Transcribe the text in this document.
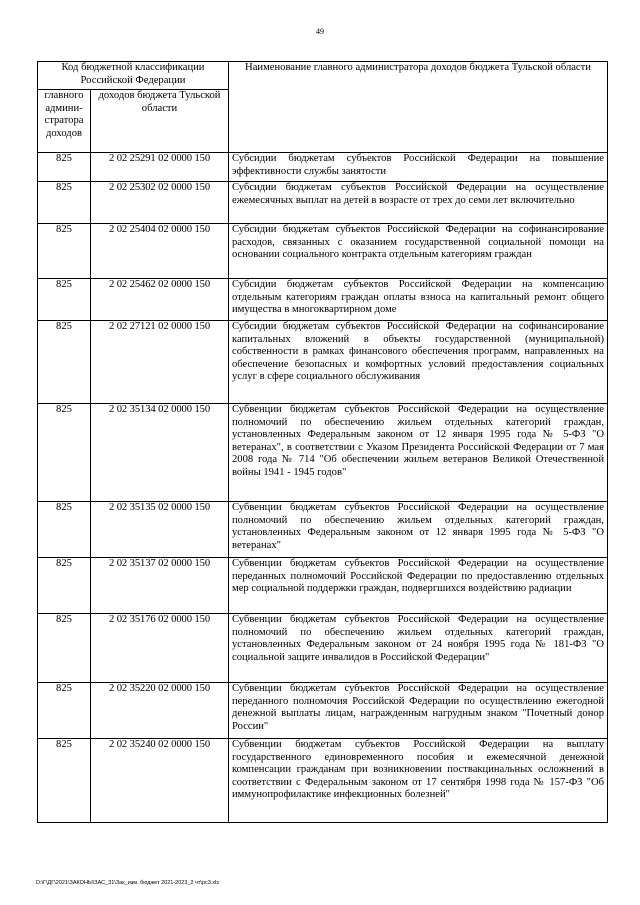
49
Код бюджетной классификации Российской Федерации		Наименование главного администратора доходов бюджета Тульской области
главного админи-стратора доходов	доходов бюджета Тульской области	
825	2 02 25291 02 0000 150	Субсидии бюджетам субъектов Российской Федерации на повышение эффективности службы занятости
825	2 02 25302 02 0000 150	Субсидии бюджетам субъектов Российской Федерации на осуществление ежемесячных выплат на детей в возрасте от трех до семи лет включительно
825	2 02 25404 02 0000 150	Субсидии бюджетам субъектов Российской Федерации на софинансирование расходов, связанных с оказанием государственной социальной помощи на основании социального контракта отдельным категориям граждан
825	2 02 25462 02 0000 150	Субсидии бюджетам субъектов Российской Федерации на компенсацию отдельным категориям граждан оплаты взноса на капитальный ремонт общего имущества в многоквартирном доме
825	2 02 27121 02 0000 150	Субсидии бюджетам субъектов Российской Федерации на софинансирование капитальных вложений в объекты государственной (муниципальной) собственности в рамках финансового обеспечения программ, направленных на обеспечение безопасных и комфортных условий предоставления социальных услуг в сфере социального обслуживания
825	2 02 35134 02 0000 150	Субвенции бюджетам субъектов Российской Федерации на осуществление полномочий по обеспечению жильем отдельных категорий граждан, установленных Федеральным законом от 12 января 1995 года № 5-ФЗ "О ветеранах", в соответствии с Указом Президента Российской Федерации от 7 мая 2008 года № 714 "Об обеспечении жильем ветеранов Великой Отечественной войны 1941 - 1945 годов"
825	2 02 35135 02 0000 150	Субвенции бюджетам субъектов Российской Федерации на осуществление полномочий по обеспечению жильем отдельных категорий граждан, установленных Федеральным законом от 12 января 1995 года № 5-ФЗ "О ветеранах"
825	2 02 35137 02 0000 150	Субвенции бюджетам субъектов Российской Федерации на осуществление переданных полномочий Российской Федерации по предоставлению отдельных мер социальной поддержки граждан, подвергшихся воздействию радиации
825	2 02 35176 02 0000 150	Субвенции бюджетам субъектов Российской Федерации на осуществление полномочий по обеспечению жильем отдельных категорий граждан, установленных Федеральным законом от 24 ноября 1995 года № 181-ФЗ "О социальной защите инвалидов в Российской Федерации"
825	2 02 35220 02 0000 150	Субвенции бюджетам субъектов Российской Федерации на осуществление переданного полномочия Российской Федерации по осуществлению ежегодной денежной выплаты лицам, награжденным нагрудным знаком "Почетный донор России"
825	2 02 35240 02 0000 150	Субвенции бюджетам субъектов Российской Федерации на выплату государственного единовременного пособия и ежемесячной денежной компенсации гражданам при возникновении поствакцинальных осложнений в соответствии с Федеральным законом от 17 сентября 1998 года № 157-ФЗ "Об иммунопрофилактике инфекционных болезней"
D:\Г\ДГ\2021\ЗАКОНЫ\ЗАС_31\Зак_изм. бюджет 2021-2023_2 чт\рс3.xls
